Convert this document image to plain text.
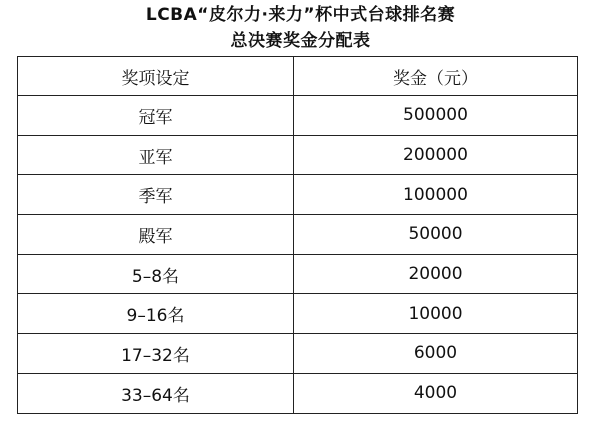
LCBA“皮尔力·来力”杯中式台球排名赛
总决赛奖金分配表
奖项设定	奖金（元）
冠军	500000
亚军	200000
季军	100000
殿军	50000
5–8名	20000
9–16名	10000
17–32名	6000
33–64名	4000
